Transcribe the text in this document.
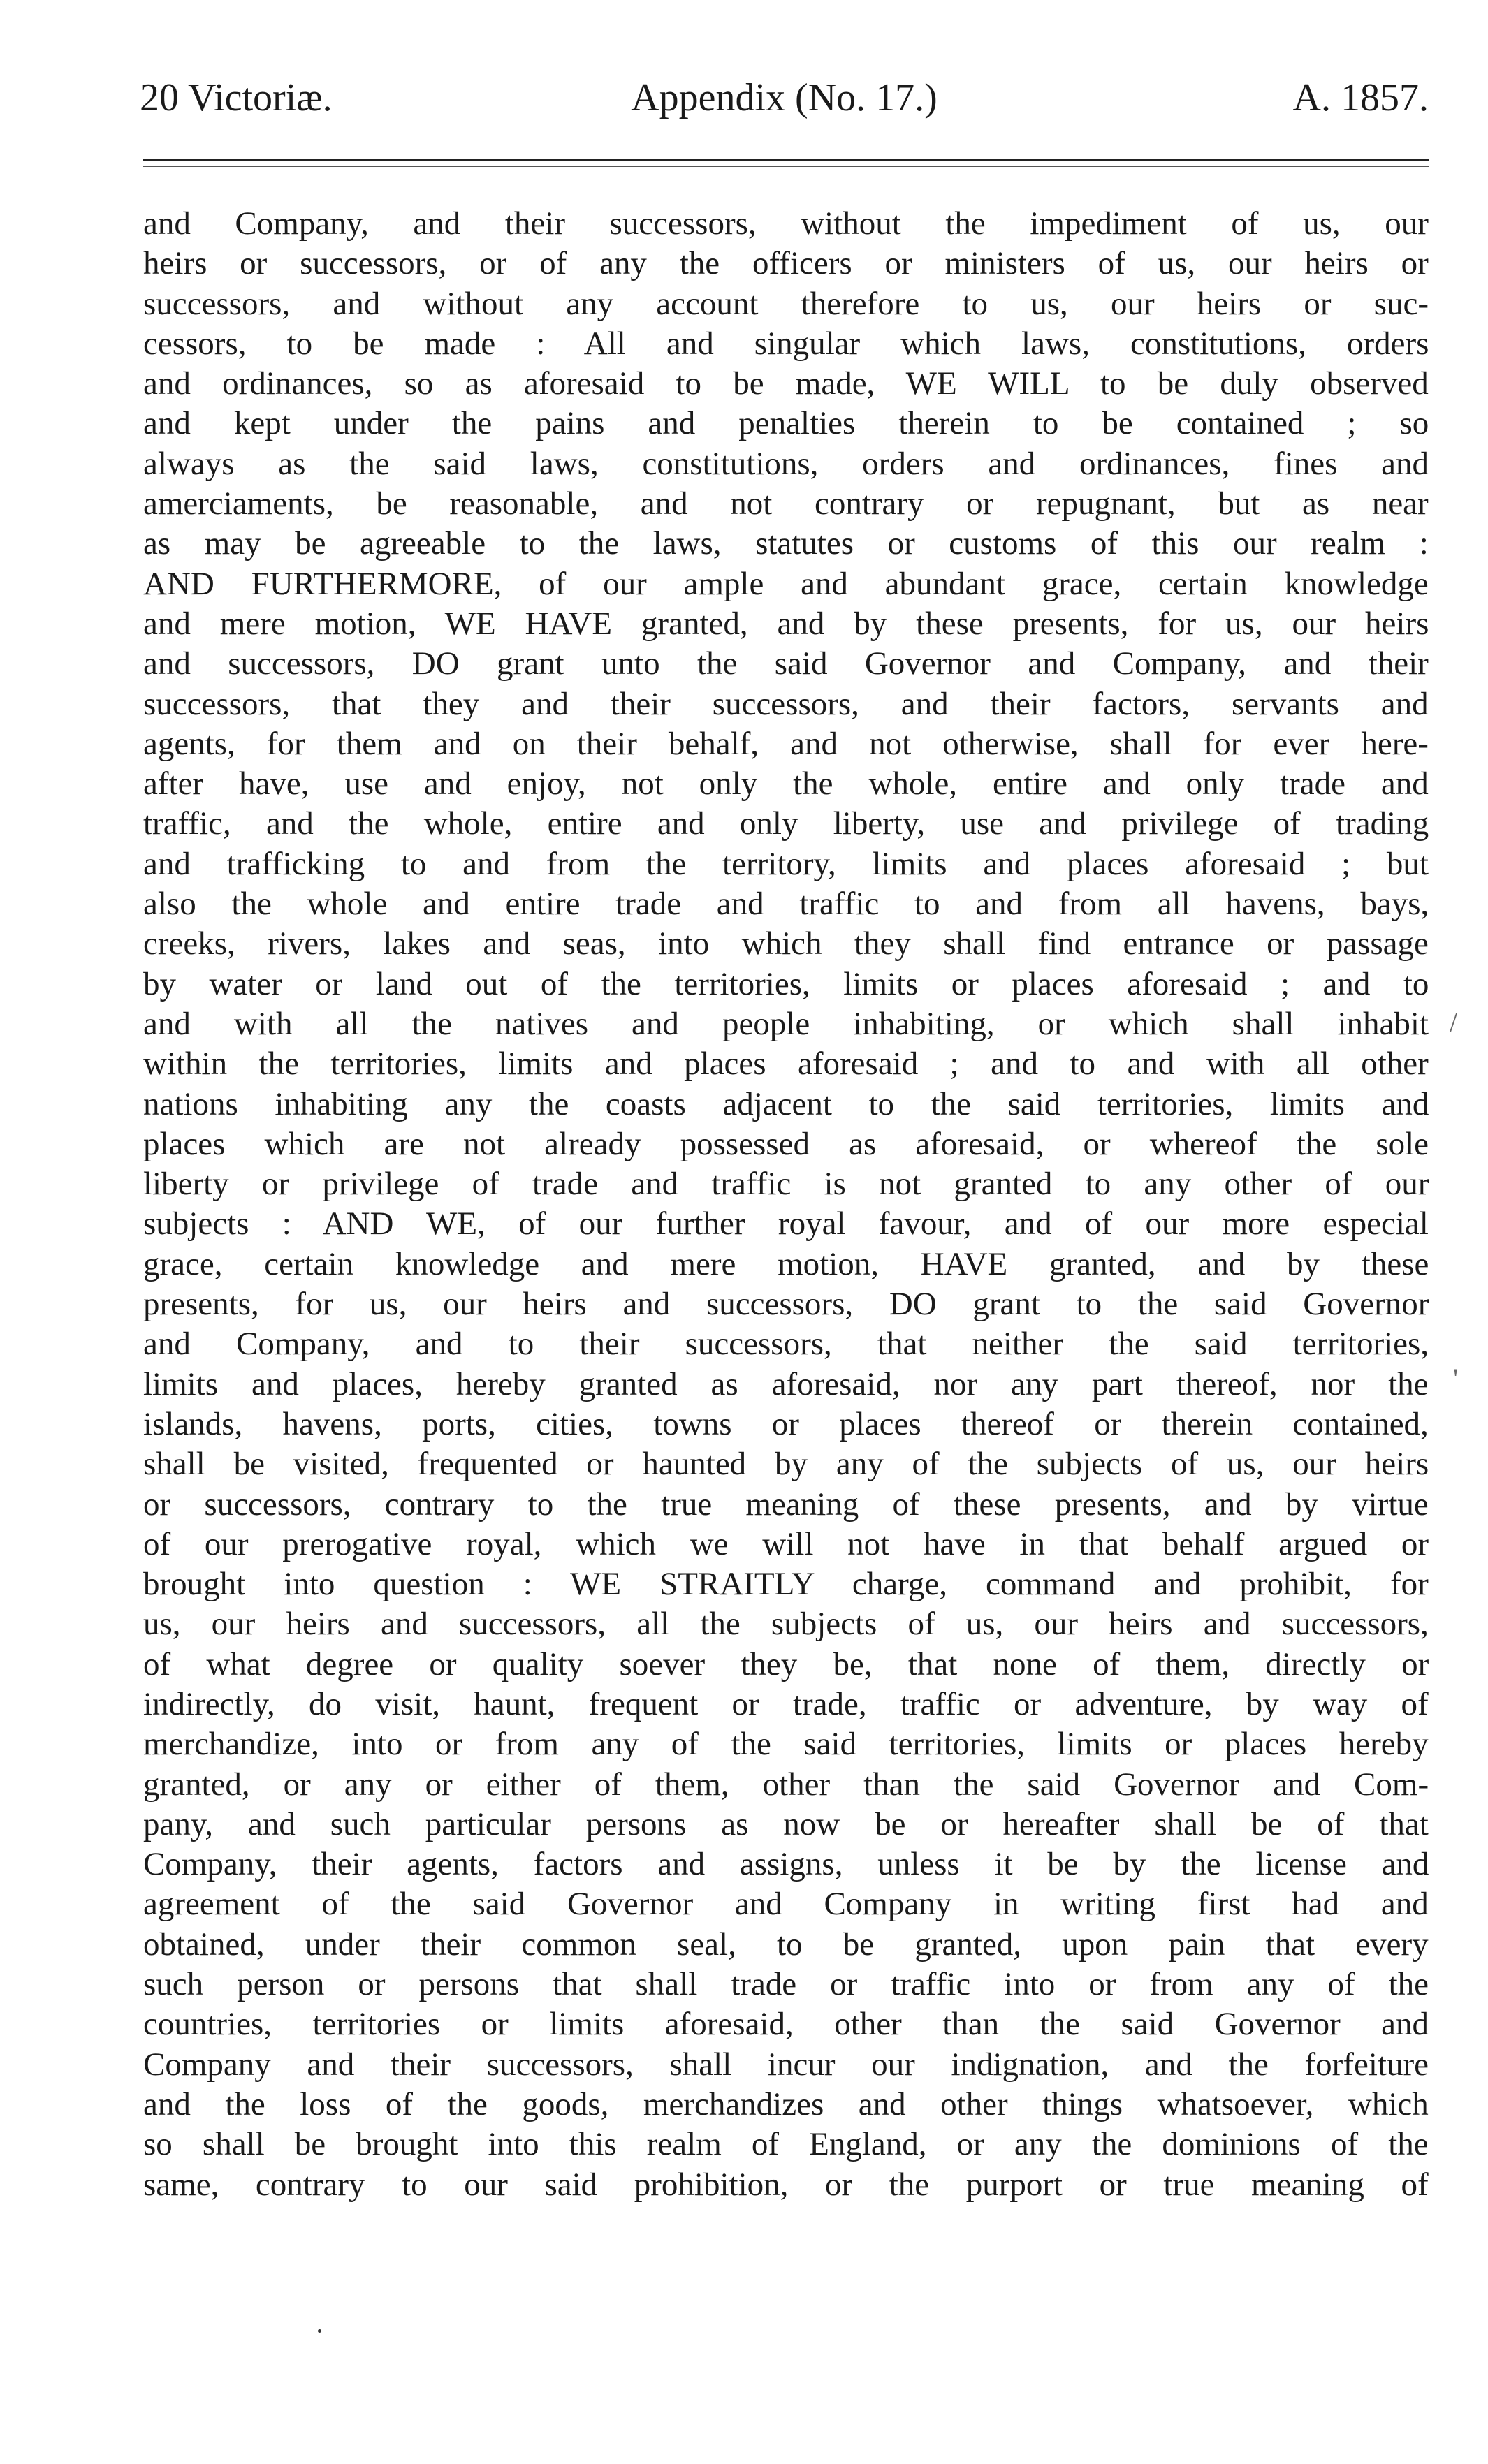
20 Victoriæ.	Appendix (No. 17.)	A. 1857.
and Company, and their successors, without the impediment of us, our
heirs or successors, or of any the officers or ministers of us, our heirs or
successors, and without any account therefore to us, our heirs or suc-
cessors, to be made : All and singular which laws, constitutions, orders
and ordinances, so as aforesaid to be made, WE WILL to be duly observed
and kept under the pains and penalties therein to be contained ; so
always as the said laws, constitutions, orders and ordinances, fines and
amerciaments, be reasonable, and not contrary or repugnant, but as near
as may be agreeable to the laws, statutes or customs of this our realm :
AND FURTHERMORE, of our ample and abundant grace, certain knowledge
and mere motion, WE HAVE granted, and by these presents, for us, our heirs
and successors, DO grant unto the said Governor and Company, and their
successors, that they and their successors, and their factors, servants and
agents, for them and on their behalf, and not otherwise, shall for ever here-
after have, use and enjoy, not only the whole, entire and only trade and
traffic, and the whole, entire and only liberty, use and privilege of trading
and trafficking to and from the territory, limits and places aforesaid ; but
also the whole and entire trade and traffic to and from all havens, bays,
creeks, rivers, lakes and seas, into which they shall find entrance or passage
by water or land out of the territories, limits or places aforesaid ; and to
and with all the natives and people inhabiting, or which shall inhabit
within the territories, limits and places aforesaid ; and to and with all other
nations inhabiting any the coasts adjacent to the said territories, limits and
places which are not already possessed as aforesaid, or whereof the sole
liberty or privilege of trade and traffic is not granted to any other of our
subjects : AND WE, of our further royal favour, and of our more especial
grace, certain knowledge and mere motion, HAVE granted, and by these
presents, for us, our heirs and successors, DO grant to the said Governor
and Company, and to their successors, that neither the said territories,
limits and places, hereby granted as aforesaid, nor any part thereof, nor the
islands, havens, ports, cities, towns or places thereof or therein contained,
shall be visited, frequented or haunted by any of the subjects of us, our heirs
or successors, contrary to the true meaning of these presents, and by virtue
of our prerogative royal, which we will not have in that behalf argued or
brought into question : WE STRAITLY charge, command and prohibit, for
us, our heirs and successors, all the subjects of us, our heirs and successors,
of what degree or quality soever they be, that none of them, directly or
indirectly, do visit, haunt, frequent or trade, traffic or adventure, by way of
merchandize, into or from any of the said territories, limits or places hereby
granted, or any or either of them, other than the said Governor and Com-
pany, and such particular persons as now be or hereafter shall be of that
Company, their agents, factors and assigns, unless it be by the license and
agreement of the said Governor and Company in writing first had and
obtained, under their common seal, to be granted, upon pain that every
such person or persons that shall trade or traffic into or from any of the
countries, territories or limits aforesaid, other than the said Governor and
Company and their successors, shall incur our indignation, and the forfeiture
and the loss of the goods, merchandizes and other things whatsoever, which
so shall be brought into this realm of England, or any the dominions of the
same, contrary to our said prohibition, or the purport or true meaning of
/
'
